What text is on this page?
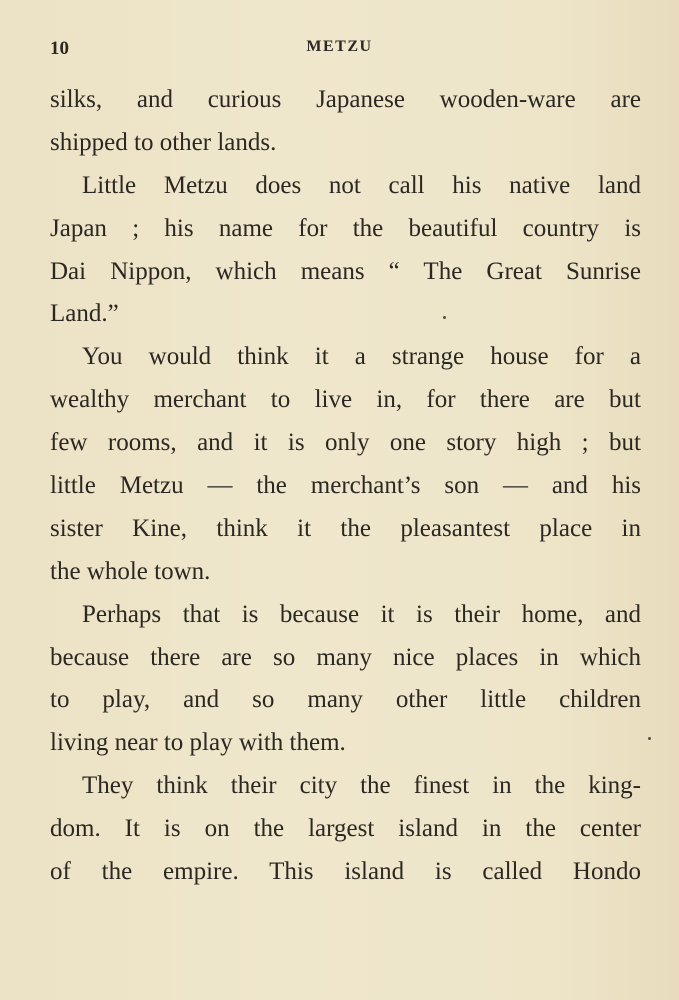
10	METZU
silks, and curious Japanese wooden-ware are
shipped to other lands.
Little Metzu does not call his native land
Japan ; his name for the beautiful country is
Dai Nippon, which means “ The Great Sunrise
Land.”
You would think it a strange house for a
wealthy merchant to live in, for there are but
few rooms, and it is only one story high ; but
little Metzu — the merchant’s son — and his
sister Kine, think it the pleasantest place in
the whole town.
Perhaps that is because it is their home, and
because there are so many nice places in which
to play, and so many other little children
living near to play with them.
They think their city the finest in the king-
dom. It is on the largest island in the center
of the empire. This island is called Hondo
